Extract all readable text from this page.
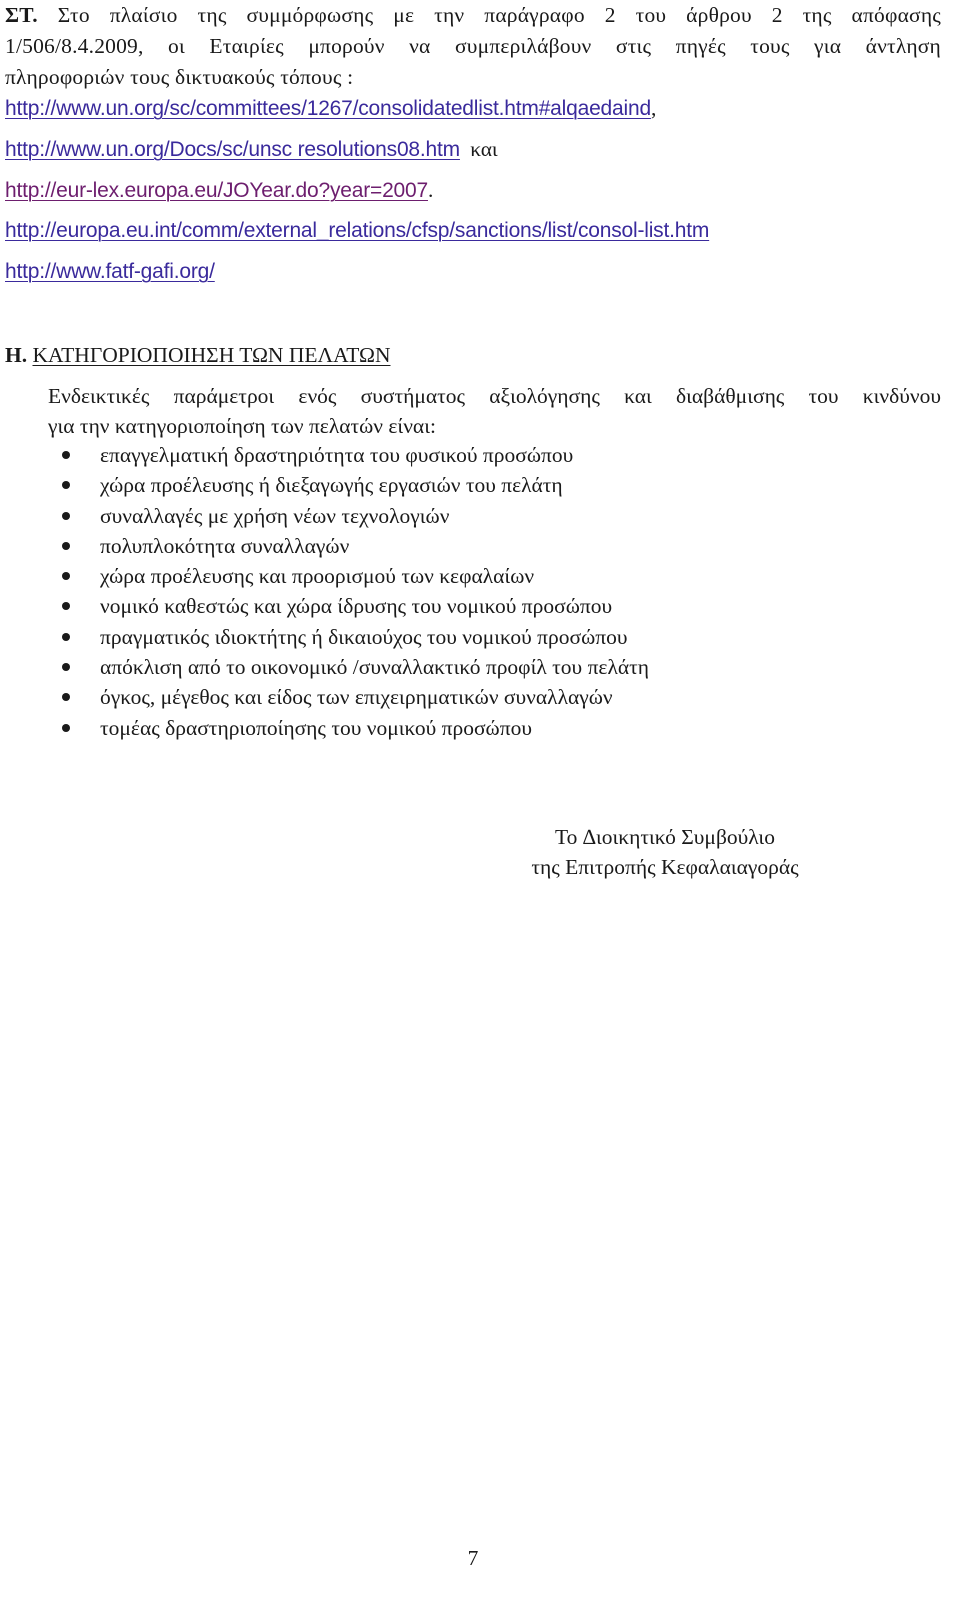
ΣΤ. Στο πλαίσιο της συμμόρφωσης με την παράγραφο 2 του άρθρου 2 της απόφασης
1/506/8.4.2009, οι Εταιρίες μπορούν να συμπεριλάβουν στις πηγές τους για άντληση
πληροφοριών τους δικτυακούς τόπους :
http://www.un.org/sc/committees/1267/consolidatedlist.htm#alqaedaind,
http://www.un.org/Docs/sc/unsc resolutions08.htm  και
http://eur-lex.europa.eu/JOYear.do?year=2007.
http://europa.eu.int/comm/external_relations/cfsp/sanctions/list/consol-list.htm
http://www.fatf-gafi.org/
Η. ΚΑΤΗΓΟΡΙΟΠΟΙΗΣΗ ΤΩΝ ΠΕΛΑΤΩΝ
Ενδεικτικές παράμετροι ενός συστήματος αξιολόγησης και διαβάθμισης του κινδύνου
για την κατηγοριοποίηση των πελατών είναι:
επαγγελματική δραστηριότητα του φυσικού προσώπου
χώρα προέλευσης ή διεξαγωγής εργασιών του πελάτη
συναλλαγές με χρήση νέων τεχνολογιών
πολυπλοκότητα συναλλαγών
χώρα προέλευσης και προορισμού των κεφαλαίων
νομικό καθεστώς και χώρα ίδρυσης του νομικού προσώπου
πραγματικός ιδιοκτήτης ή δικαιούχος του νομικού προσώπου
απόκλιση από το οικονομικό /συναλλακτικό προφίλ του πελάτη
όγκος, μέγεθος και είδος των επιχειρηματικών συναλλαγών
τομέας δραστηριοποίησης του νομικού προσώπου
Το ∆ιοικητικό Συμβούλιο
της Επιτροπής Κεφαλαιαγοράς
7
